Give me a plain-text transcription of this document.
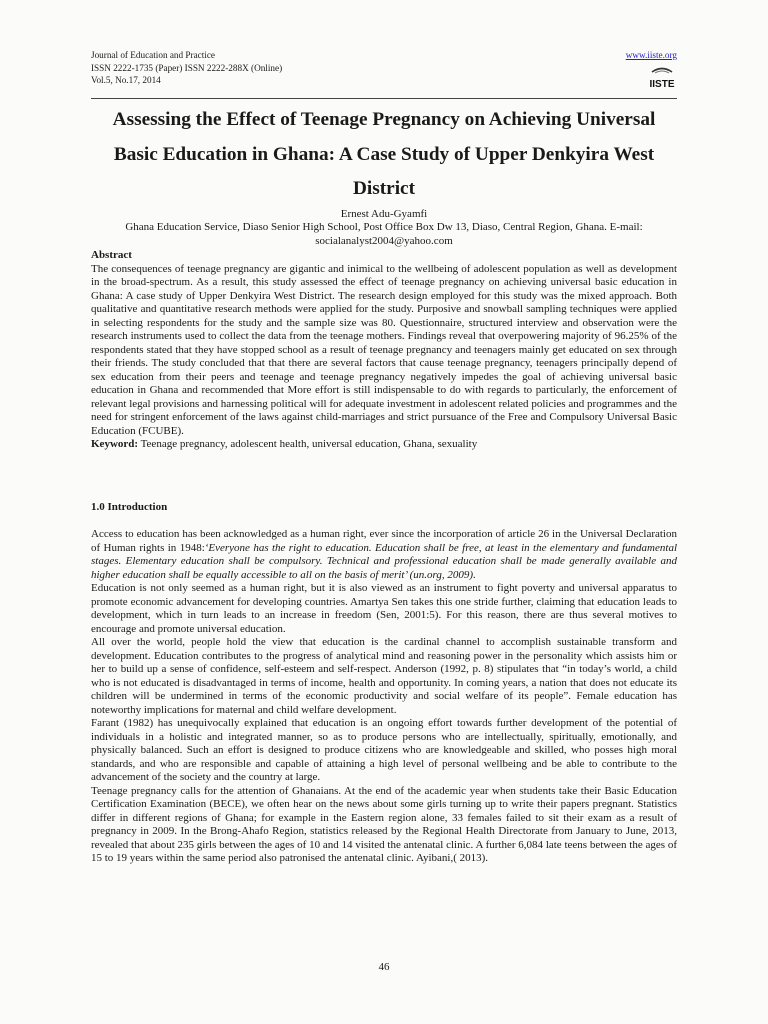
Journal of Education and Practice
ISSN 2222-1735 (Paper) ISSN 2222-288X (Online)
Vol.5, No.17, 2014
www.iiste.org
IISTE
Assessing the Effect of Teenage Pregnancy on Achieving Universal Basic Education in Ghana: A Case Study of Upper Denkyira West District
Ernest Adu-Gyamfi
Ghana Education Service, Diaso Senior High School, Post Office Box Dw 13, Diaso, Central Region, Ghana. E-mail: socialanalyst2004@yahoo.com

Abstract

The consequences of teenage pregnancy are gigantic and inimical to the wellbeing of adolescent population as well as development in the broad-spectrum. As a result, this study assessed the effect of teenage pregnancy on achieving universal basic education in Ghana: A case study of Upper Denkyira West District. The research design employed for this study was the mixed approach. Both qualitative and quantitative research methods were applied for the study. Purposive and snowball sampling techniques were applied in selecting respondents for the study and the sample size was 80. Questionnaire, structured interview and observation were the research instruments used to collect the data from the teenage mothers. Findings reveal that overpowering majority of 96.25% of the respondents stated that they have stopped school as a result of teenage pregnancy and teenagers mainly get educated on sex through their friends. The study concluded that that there are several factors that cause teenage pregnancy, teenagers principally depend of sex education from their peers and teenage and teenage pregnancy negatively impedes the goal of achieving universal basic education in Ghana and recommended that More effort is still indispensable to do with regards to particularly, the enforcement of relevant legal provisions and harnessing political will for adequate investment in adolescent related policies and programmes and the need for stringent enforcement of the laws against child-marriages and strict pursuance of the Free and Compulsory Universal Basic Education (FCUBE).

Keyword: Teenage pregnancy, adolescent health, universal education, Ghana, sexuality

1.0 Introduction

Access to education has been acknowledged as a human right, ever since the incorporation of article 26 in the Universal Declaration of Human rights in 1948:‘Everyone has the right to education. Education shall be free, at least in the elementary and fundamental stages. Elementary education shall be compulsory. Technical and professional education shall be made generally available and higher education shall be equally accessible to all on the basis of merit’ (un.org, 2009).

Education is not only seemed as a human right, but it is also viewed as an instrument to fight poverty and universal apparatus to promote economic advancement for developing countries. Amartya Sen takes this one stride further, claiming that education leads to development, which in turn leads to an increase in freedom (Sen, 2001:5). For this reason, there are thus several motives to encourage and promote universal education.

All over the world, people hold the view that education is the cardinal channel to accomplish sustainable transform and development. Education contributes to the progress of analytical mind and reasoning power in the personality which assists him or her to build up a sense of confidence, self-esteem and self-respect. Anderson (1992, p. 8) stipulates that “in today’s world, a child who is not educated is disadvantaged in terms of income, health and opportunity. In coming years, a nation that does not educate its children will be undermined in terms of the economic productivity and social welfare of its people”. Female education has noteworthy implications for maternal and child welfare development.

Farant (1982) has unequivocally explained that education is an ongoing effort towards further development of the potential of individuals in a holistic and integrated manner, so as to produce persons who are intellectually, spiritually, emotionally, and physically balanced. Such an effort is designed to produce citizens who are knowledgeable and skilled, who posses high moral standards, and who are responsible and capable of attaining a high level of personal wellbeing and be able to contribute to the advancement of the society and the country at large.

Teenage pregnancy calls for the attention of Ghanaians. At the end of the academic year when students take their Basic Education Certification Examination (BECE), we often hear on the news about some girls turning up to write their papers pregnant. Statistics differ in different regions of Ghana; for example in the Eastern region alone, 33 females failed to sit their exam as a result of pregnancy in 2009. In the Brong-Ahafo Region, statistics released by the Regional Health Directorate from January to June, 2013, revealed that about 235 girls between the ages of 10 and 14 visited the antenatal clinic. A further 6,084 late teens between the ages of 15 to 19 years within the same period also patronised the antenatal clinic. Ayibani,( 2013).

46
